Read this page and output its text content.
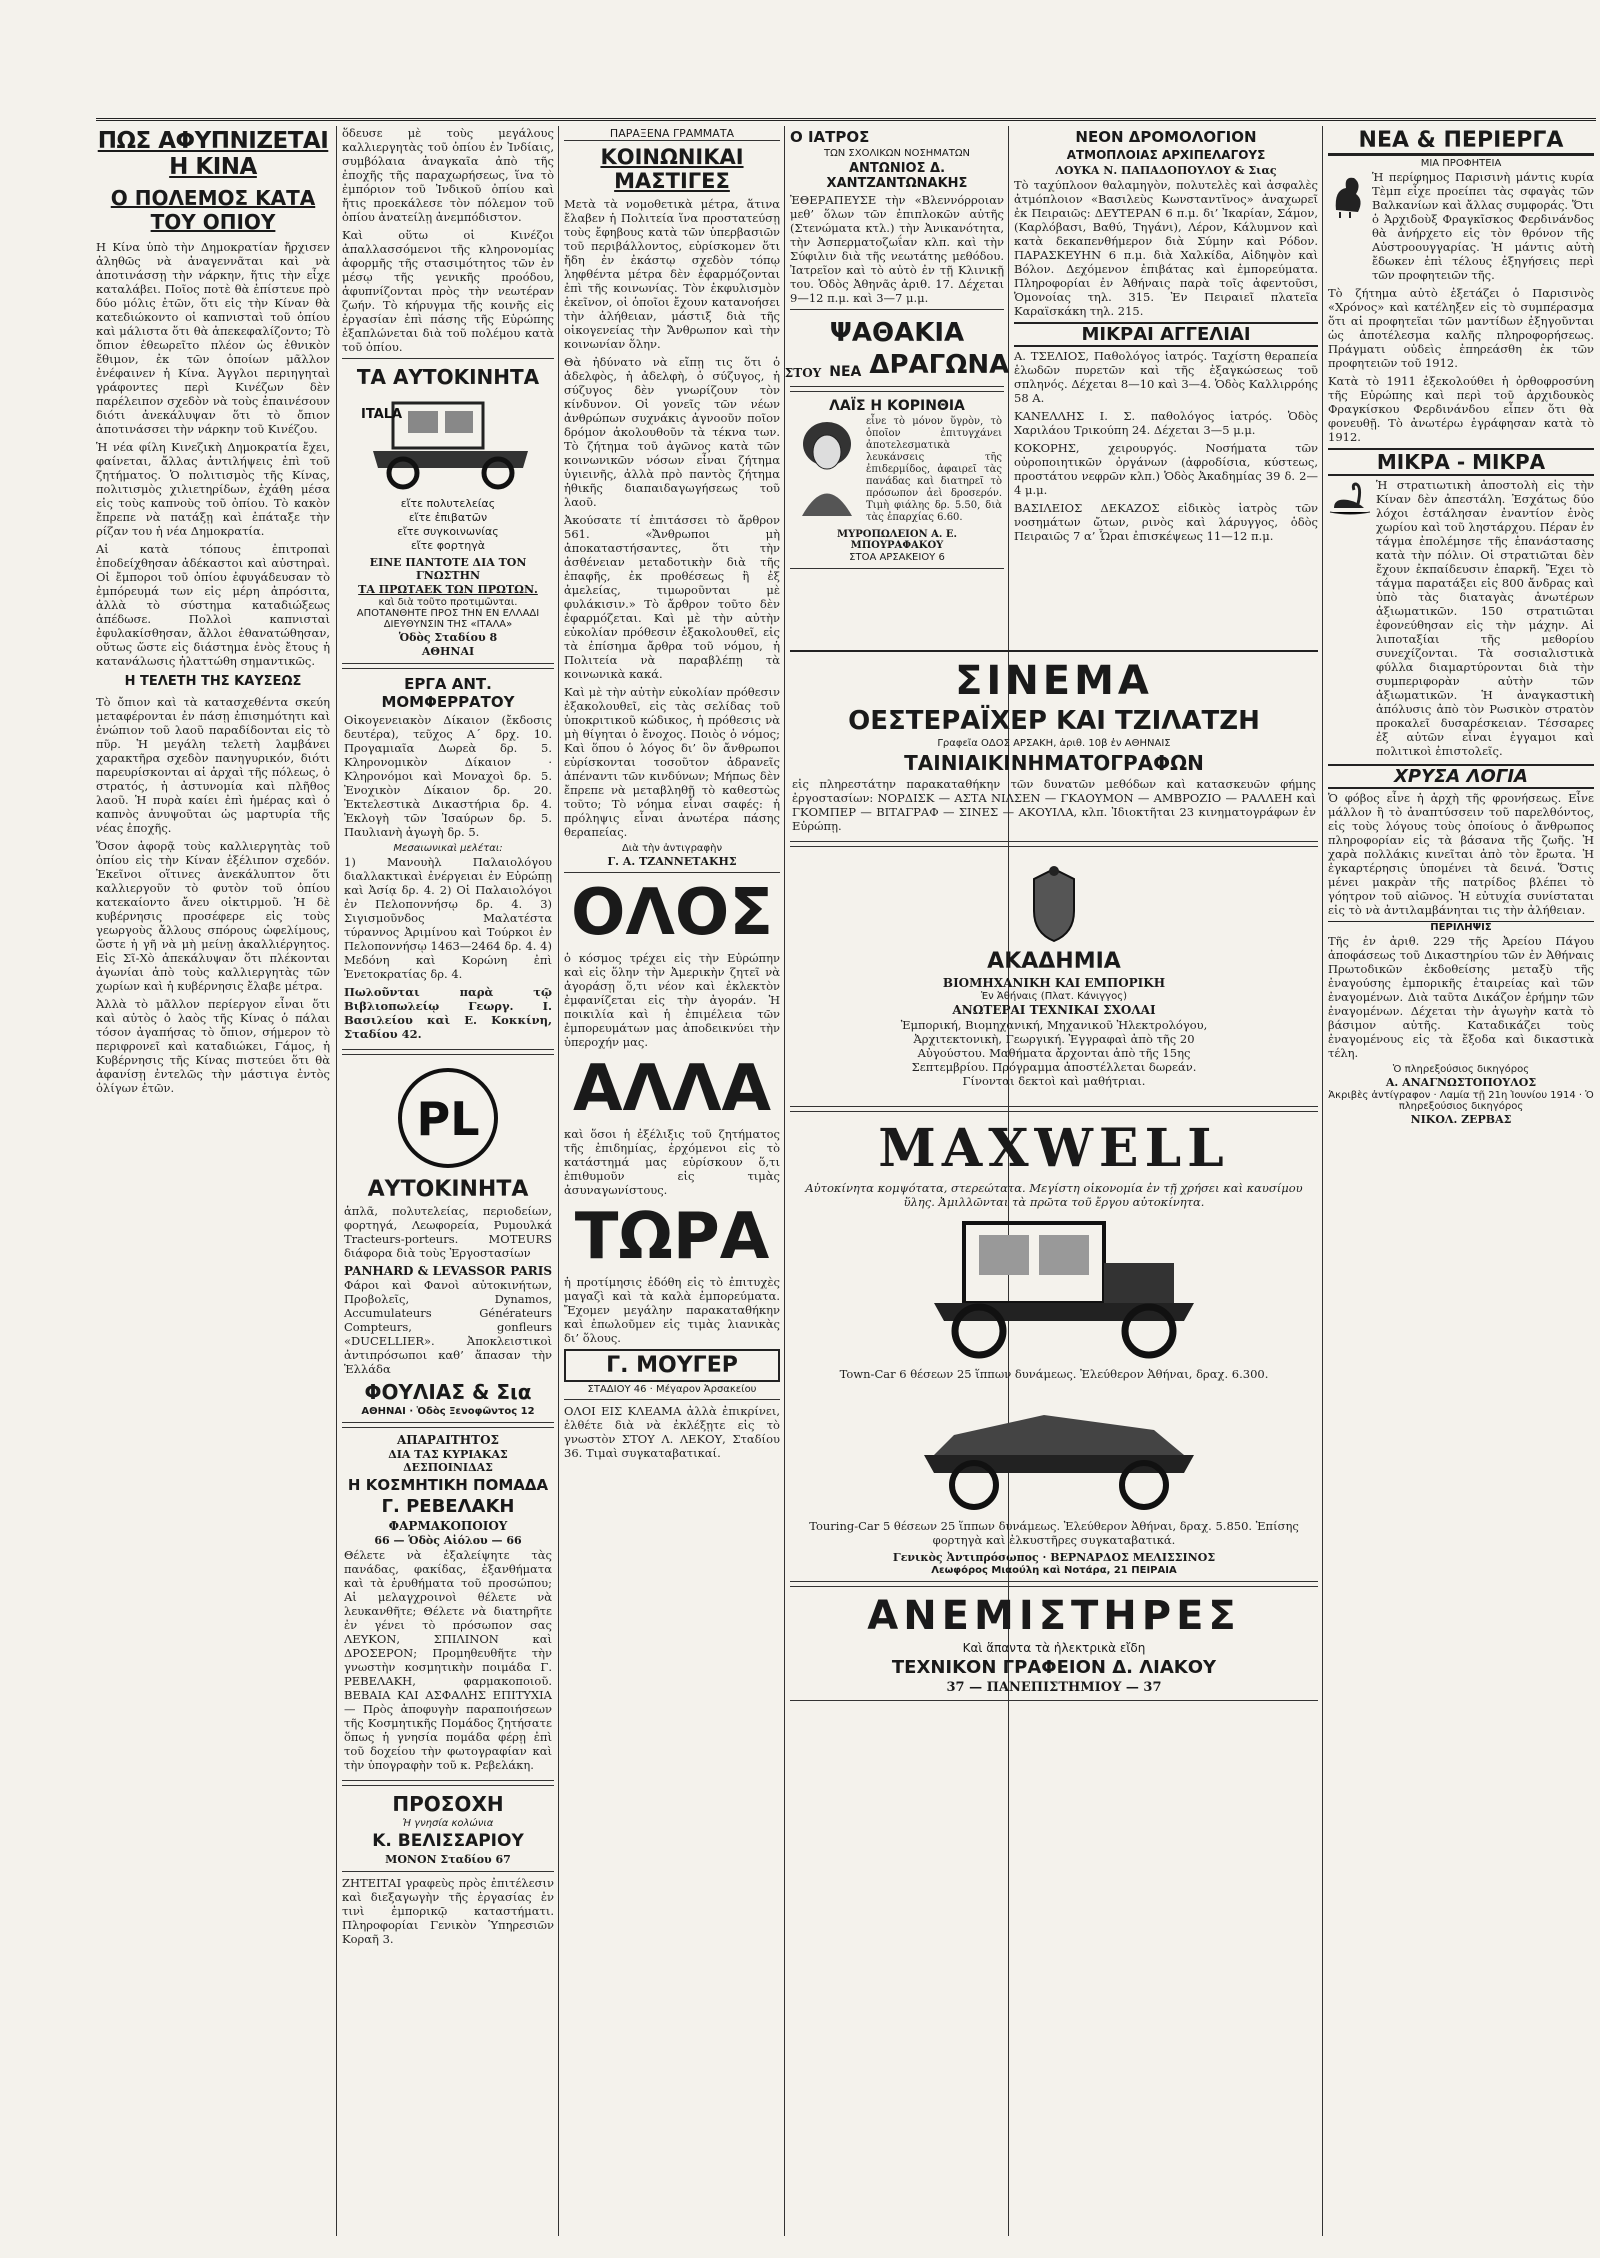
ΠΩΣ ΑΦΥΠΝΙΖΕΤΑΙ Η ΚΙΝΑ
Ο ΠΟΛΕΜΟΣ ΚΑΤΑ ΤΟΥ ΟΠΙΟΥ

Η Κίνα ὑπὸ τὴν Δημοκρατίαν ἤρχισεν ἀληθῶς νὰ ἀναγεννᾶται καὶ νὰ ἀποτινάσσῃ τὴν νάρκην, ἥτις τὴν εἶχε καταλάβει. Ποῖος ποτὲ θὰ ἐπίστευε πρὸ δύο μόλις ἐτῶν, ὅτι εἰς τὴν Κίναν θὰ κατεδιώκοντο οἱ καπνισταὶ τοῦ ὀπίου καὶ μάλιστα ὅτι θὰ ἀπεκεφαλίζοντο; Τὸ ὄπιον ἐθεωρεῖτο πλέον ὡς ἐθνικὸν ἔθιμον, ἐκ τῶν ὁποίων μᾶλλον ἐνέφαινεν ἡ Κίνα. Ἀγγλοι περιηγηταὶ γράφοντες περὶ Κινέζων δὲν παρέλειπον σχεδὸν νὰ τοὺς ἐπαινέσουν διότι ἀνεκάλυψαν ὅτι τὸ ὄπιον ἀποτινάσσει τὴν νάρκην τοῦ Κινέζου.

Ἡ νέα φίλη Κινεζικὴ Δημοκρατία ἔχει, φαίνεται, ἄλλας ἀντιλήψεις ἐπὶ τοῦ ζητήματος. Ὁ πολιτισμὸς τῆς Κίνας, πολιτισμὸς χιλιετηρίδων, ἐχάθη μέσα εἰς τοὺς καπνοὺς τοῦ ὀπίου. Τὸ κακὸν ἔπρεπε νὰ πατάξῃ καὶ ἐπάταξε τὴν ρίζαν του ἡ νέα Δημοκρατία.

Αἱ κατὰ τόπους ἐπιτροπαὶ ἐποδείχθησαν ἀδέκαστοι καὶ αὐστηραὶ. Οἱ ἔμποροι τοῦ ὀπίου ἐφυγάδευσαν τὸ ἐμπόρευμά των εἰς μέρη ἀπρόσιτα, ἀλλὰ τὸ σύστημα καταδιώξεως ἀπέδωσε. Πολλοὶ καπνισταὶ ἐφυλακίσθησαν, ἄλλοι ἐθανατώθησαν, οὕτως ὥστε εἰς διάστημα ἑνὸς ἔτους ἡ κατανάλωσις ἠλαττώθη σημαντικῶς.

Η ΤΕΛΕΤΗ ΤΗΣ ΚΑΥΣΕΩΣ

Τὸ ὄπιον καὶ τὰ κατασχεθέντα σκεύη μεταφέρονται ἐν πάσῃ ἐπισημότητι καὶ ἐνώπιον τοῦ λαοῦ παραδίδονται εἰς τὸ πῦρ. Ἡ μεγάλη τελετὴ λαμβάνει χαρακτῆρα σχεδὸν πανηγυρικόν, διότι παρευρίσκονται αἱ ἀρχαὶ τῆς πόλεως, ὁ στρατός, ἡ ἀστυνομία καὶ πλῆθος λαοῦ. Ἡ πυρὰ καίει ἐπὶ ἡμέρας καὶ ὁ καπνὸς ἀνυψοῦται ὡς μαρτυρία τῆς νέας ἐποχῆς.

Ὅσον ἀφορᾷ τοὺς καλλιεργητὰς τοῦ ὀπίου εἰς τὴν Κίναν ἐξέλιπον σχεδόν. Ἐκεῖνοι οἵτινες ἀνεκάλυπτον ὅτι καλλιεργοῦν τὸ φυτὸν τοῦ ὀπίου κατεκαίοντο ἄνευ οἰκτιρμοῦ. Ἡ δὲ κυβέρνησις προσέφερε εἰς τοὺς γεωργοὺς ἄλλους σπόρους ὠφελίμους, ὥστε ἡ γῆ νὰ μὴ μείνῃ ἀκαλλιέργητος. Εἰς Σῖ-Χὸ ἀπεκάλυψαν ὅτι πλέκονται ἀγωνίαι ἀπὸ τοὺς καλλιεργητὰς τῶν χωρίων καὶ ἡ κυβέρνησις ἔλαβε μέτρα.

Ἀλλὰ τὸ μᾶλλον περίεργον εἶναι ὅτι καὶ αὐτὸς ὁ λαὸς τῆς Κίνας ὁ πάλαι τόσον ἀγαπήσας τὸ ὄπιον, σήμερον τὸ περιφρονεῖ καὶ καταδιώκει, Γάμος, ἡ Κυβέρνησις τῆς Κίνας πιστεύει ὅτι θὰ ἀφανίσῃ ἐντελῶς τὴν μάστιγα ἐντὸς ὀλίγων ἐτῶν.

ὅδευσε μὲ τοὺς μεγάλους καλλιεργητὰς τοῦ ὀπίου ἐν Ἰνδίαις, συμβόλαια ἀναγκαῖα ἀπὸ τῆς ἐποχῆς τῆς παραχωρήσεως, ἵνα τὸ ἐμπόριον τοῦ Ἰνδικοῦ ὀπίου καὶ ἤτις προεκάλεσε τὸν πόλεμον τοῦ ὀπίου ἀνατείλῃ ἀνεμπόδιστον.

Καὶ οὕτω οἱ Κινέζοι ἀπαλλασσόμενοι τῆς κληρονομίας ἀφορμῆς τῆς στασιμότητος τῶν ἐν μέσῳ τῆς γενικῆς προόδου, ἀφυπνίζονται πρὸς τὴν νεωτέραν ζωήν. Τὸ κήρυγμα τῆς κοινῆς εἰς ἐργασίαν ἐπὶ πάσης τῆς Εὐρώπης ἐξαπλώνεται διὰ τοῦ πολέμου κατὰ τοῦ ὀπίου.

ΤΑ ΑΥΤΟΚΙΝΗΤΑ
ITALA
εἴτε πολυτελείας
εἴτε ἐπιβατῶν
εἴτε συγκοινωνίας
εἴτε φορτηγὰ
ΕΙΝΕ ΠΑΝΤΟΤΕ ΔΙΑ ΤΟΝ ΓΝΩΣΤΗΝ
ΤΑ ΠΡΩΤΑΕΚ ΤΩΝ ΠΡΩΤΩΝ.
καὶ διὰ τοῦτο προτιμῶνται. ΑΠΟΤΑΝΘΗΤΕ ΠΡΟΣ ΤΗΝ ΕΝ ΕΛΛΑΔΙ ΔΙΕΥΘΥΝΣΙΝ ΤΗΣ «ΙΤΑΛΑ»
Ὁδὸς Σταδίου 8
ΑΘΗΝΑΙ
ΕΡΓΑ ΑΝΤ. ΜΟΜΦΕΡΡΑΤΟΥ

Οἰκογενειακὸν Δίκαιον (ἔκδοσις δευτέρα), τεῦχος Α΄ δρχ. 10. Προγαμιαῖα Δωρεὰ δρ. 5. Κληρονομικὸν Δίκαιον · Κληρονόμοι καὶ Μοναχοὶ δρ. 5. Ἐνοχικὸν Δίκαιον δρ. 20. Ἐκτελεστικὰ Δικαστήρια δρ. 4. Ἐκλογὴ τῶν Ἰσαύρων δρ. 5. Παυλιανὴ ἀγωγὴ δρ. 5.

Μεσαιωνικαὶ μελέται:

1) Μανουὴλ Παλαιολόγου διαλλακτικαὶ ἐνέργειαι ἐν Εὐρώπῃ καὶ Ἀσίᾳ δρ. 4. 2) Οἱ Παλαιολόγοι ἐν Πελοποννήσῳ δρ. 4. 3) Σιγισμοῦνδος Μαλατέστα τύραννος Ἀριμίνου καὶ Τούρκοι ἐν Πελοποννήσῳ 1463—2464 δρ. 4. 4) Μεδόνη καὶ Κορώνη ἐπὶ Ἑνετοκρατίας δρ. 4.

Πωλοῦνται παρὰ τῷ Βιβλιοπωλείῳ Γεωργ. Ι. Βασιλείου καὶ Ε. Κοκκίνη, Σταδίου 42.

PL
ΑΥΤΟΚΙΝΗΤΑ

ἁπλᾶ, πολυτελείας, περιοδείων, φορτηγά, Λεωφορεία, Ρυμουλκά Tracteurs-porteurs. MOTEURS διάφορα διὰ τοὺς Ἐργοστασίων

PANHARD & LEVASSOR PARIS

Φάροι καὶ Φανοὶ αὐτοκινήτων, Προβολεῖς, Dynamos, Accumulateurs Générateurs Compteurs, gonfleurs «DUCELLIER». Ἀποκλειστικοὶ ἀντιπρόσωποι καθ’ ἅπασαν τὴν Ἑλλάδα

ΦΟΥΛΙΑΣ & Σια
ΑΘΗΝΑΙ · Ὁδὸς Ξενοφῶντος 12
ΑΠΑΡΑΙΤΗΤΟΣ
ΔΙΑ ΤΑΣ ΚΥΡΙΑΚΑΣ ΔΕΣΠΟΙΝΙΔΑΣ
Η ΚΟΣΜΗΤΙΚΗ ΠΟΜΑΔΑ
Γ. ΡΕΒΕΛΑΚΗ
ΦΑΡΜΑΚΟΠΟΙΟΥ
66 — Ὁδὸς Αἰόλου — 66

Θέλετε νὰ ἐξαλείψητε τὰς πανάδας, φακίδας, ἐξανθήματα καὶ τὰ ἐρυθήματα τοῦ προσώπου; Αἱ μελαγχροινοὶ θέλετε νὰ λευκανθῆτε; Θέλετε νὰ διατηρῆτε ἐν γένει τὸ πρόσωπον σας ΛΕΥΚΟΝ, ΣΠΙΛΙΝΟΝ καὶ ΔΡΟΣΕΡΟΝ; Προμηθευθῆτε τὴν γνωστὴν κοσμητικὴν ποιμάδα Γ. ΡΕΒΕΛΑΚΗ, φαρμακοποιοῦ. ΒΕΒΑΙΑ ΚΑΙ ΑΣΦΑΛΗΣ ΕΠΙΤΥΧΙΑ — Πρὸς ἀποφυγὴν παραποιήσεων τῆς Κοσμητικῆς Πομάδος ζητήσατε ὅπως ἡ γνησία πομάδα φέρῃ ἐπὶ τοῦ δοχείου τὴν φωτογραφίαν καὶ τὴν ὑπογραφὴν τοῦ κ. Ρεβελάκη.

ΠΡΟΣΟΧΗ
Ἡ γνησία κολώνια
Κ. ΒΕΛΙΣΣΑΡΙΟΥ
ΜΟΝΟΝ Σταδίου 67

ΖΗΤΕΙΤΑΙ γραφεὺς πρὸς ἐπιτέλεσιν καὶ διεξαγωγὴν τῆς ἐργασίας ἐν τινὶ ἐμπορικῷ καταστήματι. Πληροφορίαι Γενικὸν Ὑπηρεσιῶν Κοραῆ 3.

ΠΑΡΑΞΕΝΑ ΓΡΑΜΜΑΤΑ
ΚΟΙΝΩΝΙΚΑΙ ΜΑΣΤΙΓΕΣ

Μετὰ τὰ νομοθετικὰ μέτρα, ἅτινα ἔλαβεν ἡ Πολιτεία ἵνα προστατεύσῃ τοὺς ἔφηβους κατὰ τῶν ὑπερβασιῶν τοῦ περιβάλλοντος, εὑρίσκομεν ὅτι ἤδη ἐν ἐκάστῳ σχεδὸν τόπῳ ληφθέντα μέτρα δὲν ἐφαρμόζονται ἐπὶ τῆς κοινωνίας. Τὸν ἐκφυλισμὸν ἐκεῖνον, οἱ ὁποῖοι ἔχουν κατανοήσει τὴν ἀλήθειαν, μάστιξ διὰ τῆς οἰκογενείας τὴν Ἄνθρωπον καὶ τὴν κοινωνίαν ὅλην.

Θὰ ἠδύνατο νὰ εἴπῃ τις ὅτι ὁ ἀδελφὸς, ἡ ἀδελφὴ, ὁ σύζυγος, ἡ σύζυγος δὲν γνωρίζουν τὸν κίνδυνον. Οἱ γονεῖς τῶν νέων ἀνθρώπων συχνάκις ἀγνοοῦν ποῖον δρόμον ἀκολουθοῦν τὰ τέκνα των. Τὸ ζήτημα τοῦ ἀγῶνος κατὰ τῶν κοινωνικῶν νόσων εἶναι ζήτημα ὑγιεινῆς, ἀλλὰ πρὸ παντὸς ζήτημα ἠθικῆς διαπαιδαγωγήσεως τοῦ λαοῦ.

Ἀκούσατε τί ἐπιτάσσει τὸ ἄρθρον 561. «Ἄνθρωποι μὴ ἀποκαταστήσαντες, ὅτι τὴν ἀσθένειαν μεταδοτικὴν διὰ τῆς ἐπαφῆς, ἐκ προθέσεως ἢ ἐξ ἀμελείας, τιμωροῦνται μὲ φυλάκισιν.» Τὸ ἄρθρον τοῦτο δὲν ἐφαρμόζεται. Καὶ μὲ τὴν αὐτὴν εὐκολίαν πρόθεσιν ἐξακολουθεῖ, εἰς τὰ ἐπίσημα ἄρθρα τοῦ νόμου, ἡ Πολιτεία νὰ παραβλέπῃ τὰ κοινωνικὰ κακά.

Καὶ μὲ τὴν αὐτὴν εὐκολίαν πρόθεσιν ἐξακολουθεῖ, εἰς τὰς σελίδας τοῦ ὑποκριτικοῦ κώδικος, ἡ πρόθεσις νὰ μὴ θίγηται ὁ ἔνοχος. Ποιὸς ὁ νόμος; Καὶ ὅπου ὁ λόγος δι’ ὃν ἄνθρωποι εὑρίσκονται τοσοῦτον ἀδρανεῖς ἀπέναντι τῶν κινδύνων; Μήπως δὲν ἔπρεπε νὰ μεταβληθῇ τὸ καθεστὼς τοῦτο; Τὸ νόημα εἶναι σαφές: ἡ πρόληψις εἶναι ἀνωτέρα πάσης θεραπείας.

Διὰ τὴν ἀντιγραφὴν
Γ. Α. ΤΖΑΝΝΕΤΑΚΗΣ
ΟΛΟΣ

ὁ κόσμος τρέχει εἰς τὴν Εὐρώπην καὶ εἰς ὅλην τὴν Ἀμερικὴν ζητεῖ νὰ ἀγοράσῃ ὅ,τι νέον καὶ ἐκλεκτὸν ἐμφανίζεται εἰς τὴν ἀγοράν. Ἡ ποικιλία καὶ ἡ ἐπιμέλεια τῶν ἐμπορευμάτων μας ἀποδεικνύει τὴν ὑπεροχήν μας.

ΑΛΛΑ

καὶ ὅσοι ἡ ἐξέλιξις τοῦ ζητήματος τῆς ἐπιδημίας, ἐρχόμενοι εἰς τὸ κατάστημά μας εὑρίσκουν ὅ,τι ἐπιθυμοῦν εἰς τιμὰς ἀσυναγωνίστους.

ΤΩΡΑ

ἡ προτίμησις ἐδόθη εἰς τὸ ἐπιτυχὲς μαγαζὶ καὶ τὰ καλὰ ἐμπορεύματα. Ἔχομεν μεγάλην παρακαταθήκην καὶ ἐπωλοῦμεν εἰς τιμὰς λιανικὰς δι’ ὅλους.

Γ. ΜΟΥΓΕΡ
ΣΤΑΔΙΟΥ 46 · Μέγαρον Ἀρσακείου

ΟΛΟΙ ΕΙΣ ΚΛΕΑΜΑ ἀλλὰ ἐπικρίνει, ἐλθέτε διὰ νὰ ἐκλέξῃτε εἰς τὸ γνωστὸν ΣΤΟΥ Λ. ΛΕΚΟΥ, Σταδίου 36. Τιμαὶ συγκαταβατικαί.

Ο ΙΑΤΡΟΣ
ΤΩΝ ΣΧΟΛΙΚΩΝ ΝΟΣΗΜΑΤΩΝ
ΑΝΤΩΝΙΟΣ Δ. ΧΑΝΤΖΑΝΤΩΝΑΚΗΣ

ἘΘΕΡΑΠΕΥΣΕ τὴν «Βλεννόρροιαν μεθ’ ὅλων τῶν ἐπιπλοκῶν αὐτῆς (Στενώματα κτλ.) τὴν Ἀνικανότητα, τὴν Ἀσπερματοζωΐαν κλπ. καὶ τὴν Σύφιλιν διὰ τῆς νεωτάτης μεθόδου. Ἰατρεῖον καὶ τὸ αὐτὸ ἐν τῇ Κλινικῇ του. Ὁδὸς Ἀθηνᾶς ἀριθ. 17. Δέχεται 9—12 π.μ. καὶ 3—7 μ.μ.

ΨΑΘΑΚΙΑ
ΣΤΟΥ ΝΕΑ ΔΡΑΓΩΝΑ
ΛΑΪΣ Η ΚΟΡΙΝΘΙΑ

εἶνε τὸ μόνον ὕγρὸν, τὸ ὁποῖον ἐπιτυγχάνει ἀποτελεσματικὰ λευκάνσεις τῆς ἐπιδερμίδος, ἀφαιρεῖ τὰς πανάδας καὶ διατηρεῖ τὸ πρόσωπον ἀεὶ δροσερόν. Τιμὴ φιάλης δρ. 5.50, διὰ τὰς ἐπαρχίας 6.60.

ΜΥΡΟΠΩΛΕΙΟΝ Α. Ε. ΜΠΟΥΡΑΦΑΚΟΥ
ΣΤΟΑ ΑΡΣΑΚΕΙΟΥ 6
ΝΕΟΝ ΔΡΟΜΟΛΟΓΙΟΝ
ΑΤΜΟΠΛΟΙΑΣ ΑΡΧΙΠΕΛΑΓΟΥΣ
ΛΟΥΚΑ Ν. ΠΑΠΑΔΟΠΟΥΛΟΥ & Σιας

Τὸ ταχύπλοον θαλαμηγὸν, πολυτελὲς καὶ ἀσφαλὲς ἀτμόπλοιον «Βασιλεὺς Κωνσταντῖνος» ἀναχωρεῖ ἐκ Πειραιῶς: ΔΕΥΤΕΡΑΝ 6 π.μ. δι’ Ἰκαρίαν, Σάμον, (Καρλόβασι, Βαθύ, Τηγάνι), Λέρον, Κάλυμνον καὶ κατὰ δεκαπενθήμερον διὰ Σύμην καὶ Ρόδον. ΠΑΡΑΣΚΕΥΗΝ 6 π.μ. διὰ Χαλκίδα, Αἰδηψὸν καὶ Βόλον. Δεχόμενον ἐπιβάτας καὶ ἐμπορεύματα. Πληροφορίαι ἐν Ἀθήναις παρὰ τοῖς ἀφεντοῦσι, Ὁμονοίας τηλ. 315. Ἐν Πειραιεῖ πλατεῖα Καραϊσκάκη τηλ. 215.

ΜΙΚΡΑΙ ΑΓΓΕΛΙΑΙ

Α. ΤΣΕΛΙΟΣ, Παθολόγος ἰατρός. Ταχίστη θεραπεία ἑλωδῶν πυρετῶν καὶ τῆς ἐξαγκώσεως τοῦ σπληνός. Δέχεται 8—10 καὶ 3—4. Ὁδὸς Καλλιρρόης 58 Α.

ΚΑΝΕΛΛΗΣ Ι. Σ. παθολόγος ἰατρός. Ὁδὸς Χαριλάου Τρικούπη 24. Δέχεται 3—5 μ.μ.

ΚΟΚΟΡΗΣ, χειρουργός. Νοσήματα τῶν οὐροποιητικῶν ὀργάνων (ἀφροδίσια, κύστεως, προστάτου νεφρῶν κλπ.) Ὁδὸς Ἀκαδημίας 39 δ. 2—4 μ.μ.

ΒΑΣΙΛΕΙΟΣ ΔΕΚΑΖΟΣ εἰδικὸς ἰατρὸς τῶν νοσημάτων ὤτων, ρινὸς καὶ λάρυγγος, ὁδὸς Πειραιῶς 7 α’ Ὧραι ἐπισκέψεως 11—12 π.μ.

ΣΙΝΕΜΑ
ΟΕΣΤΕΡΑΪΧΕΡ ΚΑΙ ΤΖΙΛΑΤΖΗ
Γραφεῖα ΟΔΟΣ ΑΡΣΑΚΗ, ἀριθ. 10β ἐν ΑΘΗΝΑΙΣ
ΤΑΙΝΙΑΙΚΙΝΗΜΑΤΟΓΡΑΦΩΝ

εἰς πληρεστάτην παρακαταθήκην τῶν δυνατῶν μεθόδων καὶ κατασκευῶν φήμης ἐργοστασίων: ΝΟΡΔΙΣΚ — ΑΣΤΑ ΝΙΛΣΕΝ — ΓΚΑΟΥΜΟΝ — ΑΜΒΡΟΖΙΟ — ΡΑΛΛΕΗ καὶ ΓΚΟΜΠΕΡ — ΒΙΤΑΓΡΑΦ — ΣΙΝΕΣ — ΑΚΟΥΙΛΑ, κλπ. Ἰδιοκτῆται 23 κινηματογράφων ἐν Εὐρώπῃ.

ΑΚΑΔΗΜΙΑ
ΒΙΟΜΗΧΑΝΙΚΗ ΚΑΙ ΕΜΠΟΡΙΚΗ
Ἐν Ἀθήναις (Πλατ. Κάνιγγος)
ΑΝΩΤΕΡΑΙ ΤΕΧΝΙΚΑΙ ΣΧΟΛΑΙ

Ἐμπορική, Βιομηχανική, Μηχανικοῦ Ἠλεκτρολόγου, Ἀρχιτεκτονικὴ, Γεωργική. Ἐγγραφαὶ ἀπὸ τῆς 20 Αὐγούστου. Μαθήματα ἄρχονται ἀπὸ τῆς 15ης Σεπτεμβρίου. Πρόγραμμα ἀποστέλλεται δωρεάν. Γίνονται δεκτοὶ καὶ μαθήτριαι.

MAXWELL

Αὐτοκίνητα κομψότατα, στερεώτατα. Μεγίστη οἰκονομία ἐν τῇ χρήσει καὶ καυσίμου ὕλης. Ἀμιλλῶνται τὰ πρῶτα τοῦ ἔργου αὐτοκίνητα.

Town-Car 6 θέσεων 25 ἵππων δυνάμεως. Ἐλεύθερον Ἀθήναι, δραχ. 6.300.

Touring-Car 5 θέσεων 25 ἵππων δυνάμεως. Ἐλεύθερον Ἀθήναι, δραχ. 5.850. Ἐπίσης φορτηγὰ καὶ ἐλκυστῆρες συγκαταβατικά.

Γενικὸς Ἀντιπρόσωπος · ΒΕΡΝΑΡΔΟΣ ΜΕΛΙΣΣΙΝΟΣ
Λεωφόρος Μιαούλη καὶ Νοτάρα, 21 ΠΕΙΡΑΙΑ
ΑΝΕΜΙΣΤΗΡΕΣ
Καὶ ἅπαντα τὰ ἠλεκτρικὰ εἴδη
ΤΕΧΝΙΚΟΝ ΓΡΑΦΕΙΟΝ Δ. ΛΙΑΚΟΥ
37 — ΠΑΝΕΠΙΣΤΗΜΙΟΥ — 37
ΝΕΑ & ΠΕΡΙΕΡΓΑ
ΜΙΑ ΠΡΟΦΗΤΕΙΑ

Ἡ περίφημος Παρισινὴ μάντις κυρία Τὲμπ εἶχε προείπει τὰς σφαγὰς τῶν Βαλκανίων καὶ ἄλλας συμφοράς. Ὅτι ὁ Ἀρχιδοὺξ Φραγκῖσκος Φερδινάνδος θὰ ἀνήρχετο εἰς τὸν θρόνον τῆς Αὐστροουγγαρίας. Ἡ μάντις αὐτὴ ἔδωκεν ἐπὶ τέλους ἐξηγήσεις περὶ τῶν προφητειῶν τῆς.

Τὸ ζήτημα αὐτὸ ἐξετάζει ὁ Παρισινὸς «Χρόνος» καὶ κατέληξεν εἰς τὸ συμπέρασμα ὅτι αἱ προφητεῖαι τῶν μαντίδων ἐξηγοῦνται ὡς ἀποτέλεσμα καλῆς πληροφορήσεως. Πράγματι οὐδεὶς ἐπηρεάσθη ἐκ τῶν προφητειῶν τοῦ 1912.

Κατὰ τὸ 1911 ἐξεκολούθει ἡ ὀρθοφροσύνη τῆς Εὐρώπης καὶ περὶ τοῦ ἀρχιδουκὸς Φραγκίσκου Φερδινάνδου εἶπεν ὅτι θὰ φονευθῇ. Τὸ ἀνωτέρω ἐγράφησαν κατὰ τὸ 1912.

ΜΙΚΡΑ - ΜΙΚΡΑ

Ἡ στρατιωτικὴ ἀποστολὴ εἰς τὴν Κίναν δὲν ἀπεστάλη. Ἐσχάτως δύο λόχοι ἐστάλησαν ἐναντίον ἐνὸς χωρίου καὶ τοῦ ληστάρχου. Πέραν ἐν τάγμα ἐπολέμησε τῆς ἐπανάστασης κατὰ τὴν πόλιν. Οἱ στρατιῶται δὲν ἔχουν ἐκπαίδευσιν ἐπαρκῆ. Ἔχει τὸ τάγμα παρατάξει εἰς 800 ἄνδρας καὶ ὑπὸ τὰς διαταγὰς ἀνωτέρων ἀξιωματικῶν. 150 στρατιῶται ἐφονεύθησαν εἰς τὴν μάχην. Αἱ λιποταξίαι τῆς μεθορίου συνεχίζονται. Τὰ σοσιαλιστικὰ φύλλα διαμαρτύρονται διὰ τὴν συμπεριφορὰν αὐτὴν τῶν ἀξιωματικῶν. Ἡ ἀναγκαστικὴ ἀπόλυσις ἀπὸ τὸν Ρωσικὸν στρατὸν προκαλεῖ δυσαρέσκειαν. Τέσσαρες ἐξ αὐτῶν εἶναι ἐγγαμοι καὶ πολιτικοὶ ἐπιστολεῖς.

ΧΡΥΣΑ ΛΟΓΙΑ

Ὁ φόβος εἶνε ἡ ἀρχὴ τῆς φρονήσεως. Εἶνε μάλλον ἢ τὸ ἀναπτύσσειν τοῦ παρελθόντος, εἰς τοὺς λόγους τοὺς ὁποίους ὁ ἄνθρωπος πληροφορίαν εἰς τὰ βάσανα τῆς ζωῆς. Ἡ χαρὰ πολλάκις κινεῖται ἀπὸ τὸν ἔρωτα. Ἡ ἐγκαρτέρησις ὑπομένει τὰ δεινά. Ὅστις μένει μακρὰν τῆς πατρίδος βλέπει τὸ γόητρον τοῦ αἰῶνος. Ἡ εὐτυχία συνίσταται εἰς τὸ νὰ ἀντιλαμβάνηται τις τὴν ἀλήθειαν.

ΠΕΡΙΛΗΨΙΣ

Τῆς ἐν ἀριθ. 229 τῆς Ἀρείου Πάγου ἀποφάσεως τοῦ Δικαστηρίου τῶν ἐν Ἀθήναις Πρωτοδικῶν ἐκδοθείσης μεταξὺ τῆς ἐναγούσης ἐμπορικῆς ἑταιρείας καὶ τῶν ἐναγομένων. Διὰ ταῦτα Δικάζον ἐρήμην τῶν ἐναγομένων. Δέχεται τὴν ἀγωγὴν κατὰ τὸ βάσιμον αὐτῆς. Καταδικάζει τοὺς ἐναγομένους εἰς τὰ ἔξοδα καὶ δικαστικὰ τέλη.

Ὁ πληρεξούσιος δικηγόρος
Α. ΑΝΑΓΝΩΣΤΟΠΟΥΛΟΣ
Ἀκριβὲς ἀντίγραφον · Λαμία τῇ 21η Ἰουνίου 1914 · Ὁ πληρεξούσιος δικηγόρος
ΝΙΚΟΛ. ΖΕΡΒΑΣ
